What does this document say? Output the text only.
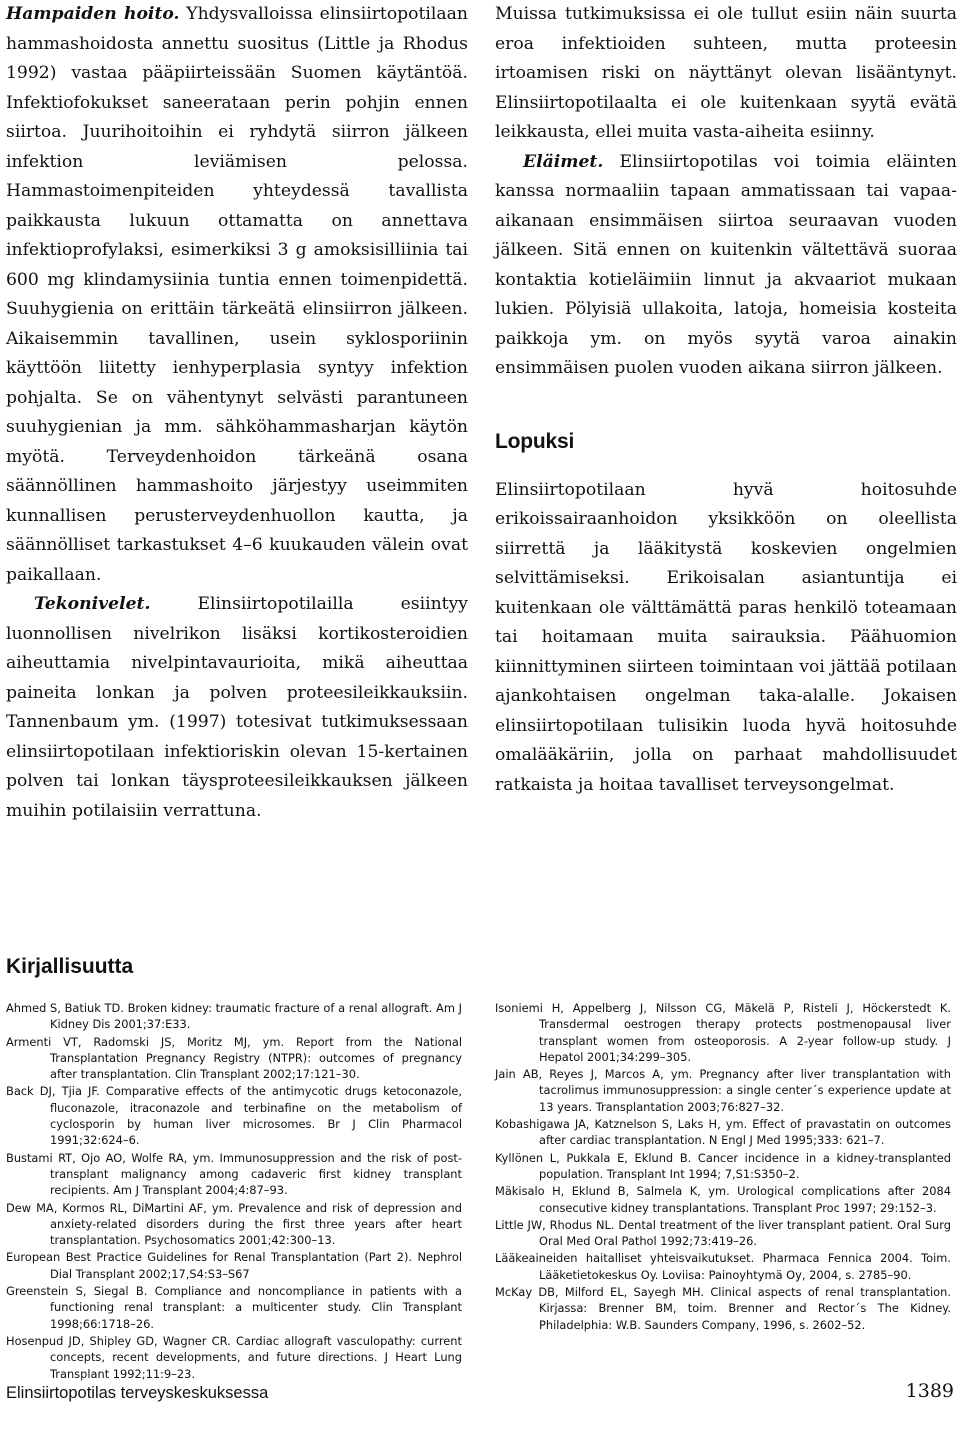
Hampaiden hoito. Yhdysvalloissa elinsiirtopotilaan hammashoidosta annettu suositus (Little ja Rhodus 1992) vastaa pääpiirteissään Suomen käytäntöä. Infektiofokukset saneerataan perin pohjin ennen siirtoa. Juurihoitoihin ei ryhdytä siirron jälkeen infektion leviämisen pelossa. Hammastoimenpiteiden yhteydessä tavallista paikkausta lukuun ottamatta on annettava infektioprofylaksi, esimerkiksi 3 g amoksisilliinia tai 600 mg klindamysiinia tuntia ennen toimenpidettä. Suuhygienia on erittäin tärkeätä elinsiirron jälkeen. Aikaisemmin tavallinen, usein syklosporiinin käyttöön liitetty ienhyperplasia syntyy infektion pohjalta. Se on vähentynyt selvästi parantuneen suuhygienian ja mm. sähköhammasharjan käytön myötä. Terveydenhoidon tärkeänä osana säännöllinen hammashoito järjestyy useimmiten kunnallisen perusterveydenhuollon kautta, ja säännölliset tarkastukset 4–6 kuukauden välein ovat paikallaan.

Tekonivelet. Elinsiirtopotilailla esiintyy luonnollisen nivelrikon lisäksi kortikosteroidien aiheuttamia nivelpintavaurioita, mikä aiheuttaa paineita lonkan ja polven proteesileikkauksiin. Tannenbaum ym. (1997) totesivat tutkimuksessaan elinsiirtopotilaan infektioriskin olevan 15-kertainen polven tai lonkan täysproteesileikkauksen jälkeen muihin potilaisiin verrattuna.

Muissa tutkimuksissa ei ole tullut esiin näin suurta eroa infektioiden suhteen, mutta proteesin irtoamisen riski on näyttänyt olevan lisääntynyt. Elinsiirtopotilaalta ei ole kuitenkaan syytä evätä leikkausta, ellei muita vasta-aiheita esiinny.

Eläimet. Elinsiirtopotilas voi toimia eläinten kanssa normaaliin tapaan ammatissaan tai vapaa-aikanaan ensimmäisen siirtoa seuraavan vuoden jälkeen. Sitä ennen on kuitenkin vältettävä suoraa kontaktia kotieläimiin linnut ja akvaariot mukaan lukien. Pölyisiä ullakoita, latoja, homeisia kosteita paikkoja ym. on myös syytä varoa ainakin ensimmäisen puolen vuoden aikana siirron jälkeen.

Lopuksi

Elinsiirtopotilaan hyvä hoitosuhde erikoissairaanhoidon yksikköön on oleellista siirrettä ja lääkitystä koskevien ongelmien selvittämiseksi. Erikoisalan asiantuntija ei kuitenkaan ole välttämättä paras henkilö toteamaan tai hoitamaan muita sairauksia. Päähuomion kiinnittyminen siirteen toimintaan voi jättää potilaan ajankohtaisen ongelman taka-alalle. Jokaisen elinsiirtopotilaan tulisikin luoda hyvä hoitosuhde omalääkäriin, jolla on parhaat mahdollisuudet ratkaista ja hoitaa tavalliset terveysongelmat.

Kirjallisuutta

Ahmed S, Batiuk TD. Broken kidney: traumatic fracture of a renal allograft. Am J Kidney Dis 2001;37:E33.

Armenti VT, Radomski JS, Moritz MJ, ym. Report from the National Transplantation Pregnancy Registry (NTPR): outcomes of pregnancy after transplantation. Clin Transplant 2002;17:121–30.

Back DJ, Tjia JF. Comparative effects of the antimycotic drugs ketoconazole, fluconazole, itraconazole and terbinafine on the metabolism of cyclosporin by human liver microsomes. Br J Clin Pharmacol 1991;32:624–6.

Bustami RT, Ojo AO, Wolfe RA, ym. Immunosuppression and the risk of post-transplant malignancy among cadaveric first kidney transplant recipients. Am J Transplant 2004;4:87–93.

Dew MA, Kormos RL, DiMartini AF, ym. Prevalence and risk of depression and anxiety-related disorders during the first three years after heart transplantation. Psychosomatics 2001;42:300–13.

European Best Practice Guidelines for Renal Transplantation (Part 2). Nephrol Dial Transplant 2002;17,S4:S3–S67

Greenstein S, Siegal B. Compliance and noncompliance in patients with a functioning renal transplant: a multicenter study. Clin Transplant 1998;66:1718–26.

Hosenpud JD, Shipley GD, Wagner CR. Cardiac allograft vasculopathy: current concepts, recent developments, and future directions. J Heart Lung Transplant 1992;11:9–23.

Isoniemi H, Appelberg J, Nilsson CG, Mäkelä P, Risteli J, Höckerstedt K. Transdermal oestrogen therapy protects postmenopausal liver transplant women from osteoporosis. A 2-year follow-up study. J Hepatol 2001;34:299–305.

Jain AB, Reyes J, Marcos A, ym. Pregnancy after liver transplantation with tacrolimus immunosuppression: a single center´s experience update at 13 years. Transplantation 2003;76:827–32.

Kobashigawa JA, Katznelson S, Laks H, ym. Effect of pravastatin on outcomes after cardiac transplantation. N Engl J Med 1995;333: 621–7.

Kyllönen L, Pukkala E, Eklund B. Cancer incidence in a kidney-transplanted population. Transplant Int 1994; 7,S1:S350–2.

Mäkisalo H, Eklund B, Salmela K, ym. Urological complications after 2084 consecutive kidney transplantations. Transplant Proc 1997; 29:152–3.

Little JW, Rhodus NL. Dental treatment of the liver transplant patient. Oral Surg Oral Med Oral Pathol 1992;73:419–26.

Lääkeaineiden haitalliset yhteisvaikutukset. Pharmaca Fennica 2004. Toim. Lääketietokeskus Oy. Loviisa: Painoyhtymä Oy, 2004, s. 2785–90.

McKay DB, Milford EL, Sayegh MH. Clinical aspects of renal transplantation. Kirjassa: Brenner BM, toim. Brenner and Rector´s The Kidney. Philadelphia: W.B. Saunders Company, 1996, s. 2602–52.

Elinsiirtopotilas terveyskeskuksessa	1389
